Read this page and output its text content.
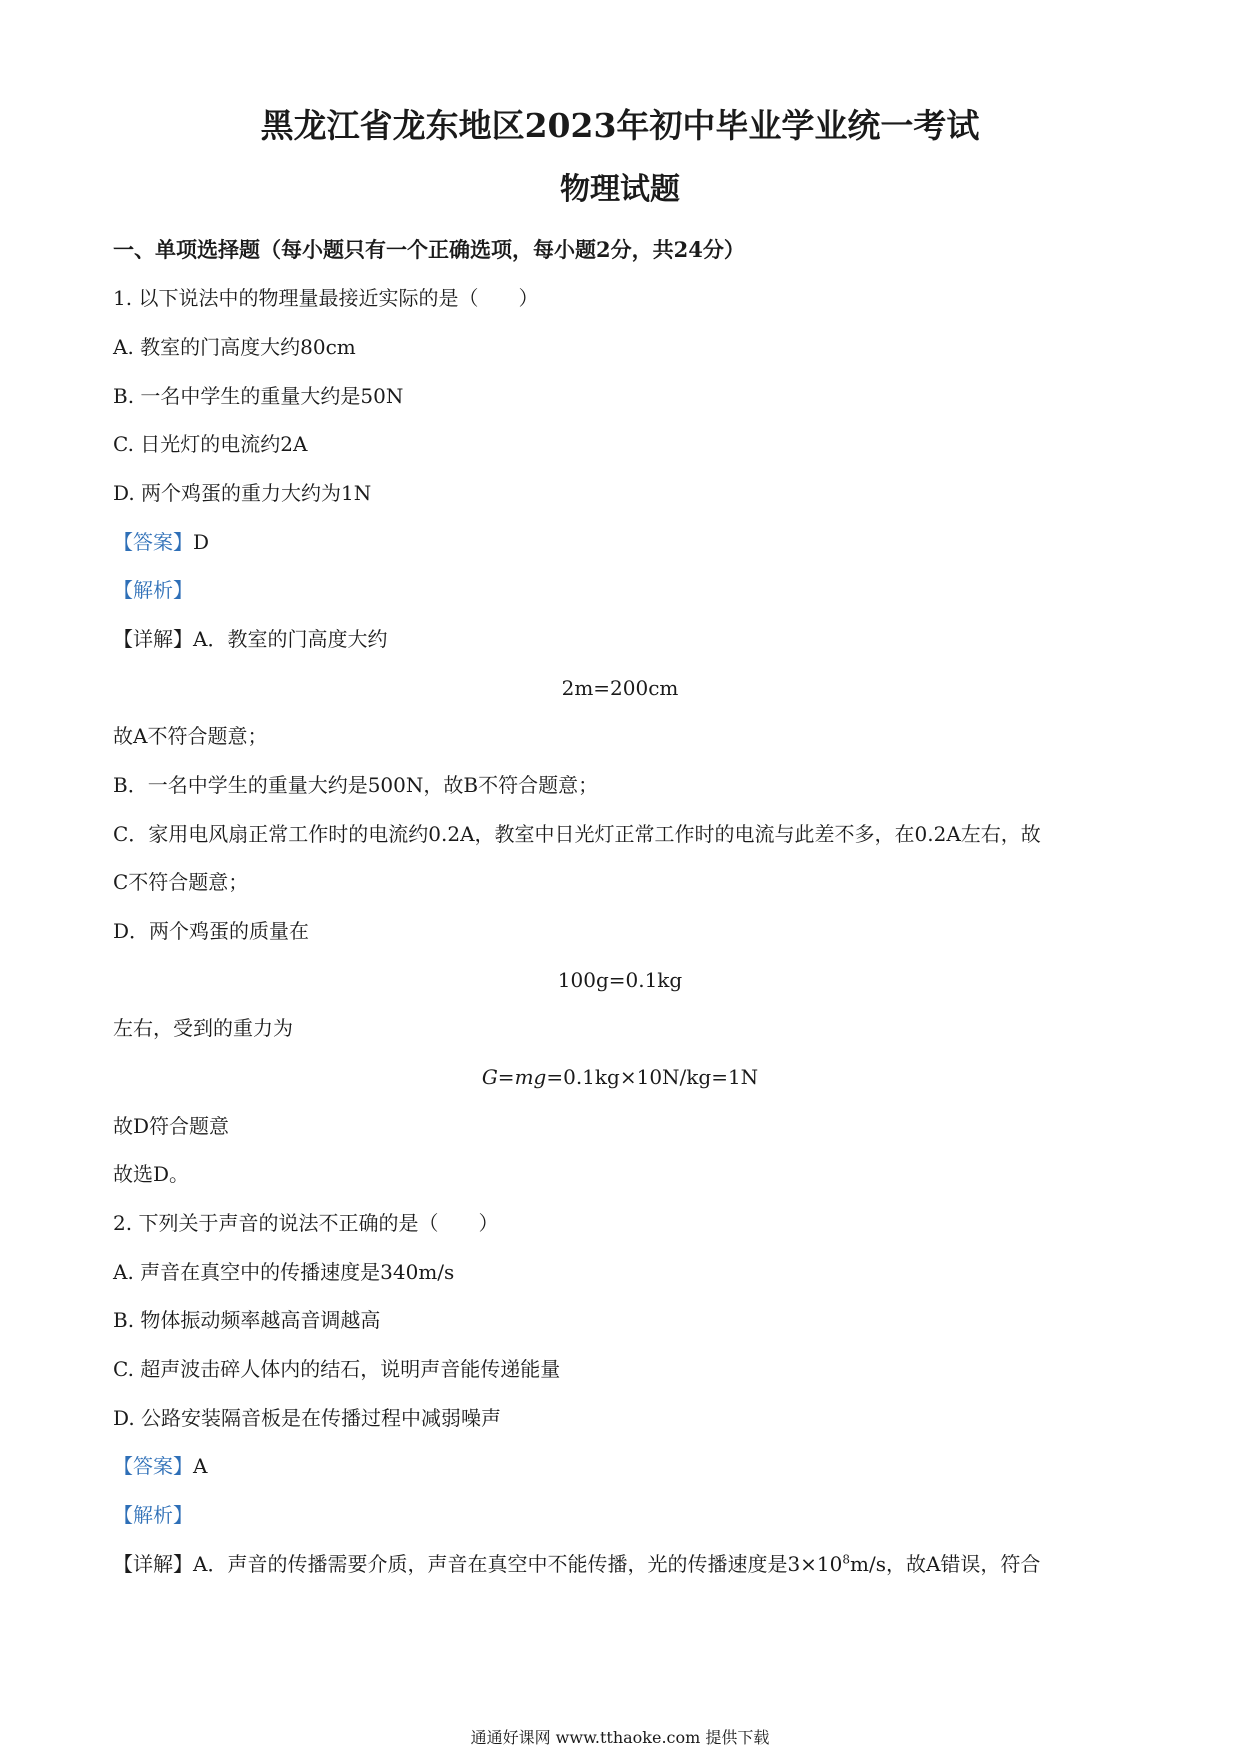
黑龙江省龙东地区2023年初中毕业学业统一考试
物理试题
一、单项选择题（每小题只有一个正确选项，每小题2分，共24分）
1. 以下说法中的物理量最接近实际的是（　　）
A. 教室的门高度大约80cm
B. 一名中学生的重量大约是50N
C. 日光灯的电流约2A
D. 两个鸡蛋的重力大约为1N
【答案】D
【解析】
【详解】A．教室的门高度大约
2m=200cm
故A不符合题意；
B．一名中学生的重量大约是500N，故B不符合题意；
C．家用电风扇正常工作时的电流约0.2A，教室中日光灯正常工作时的电流与此差不多，在0.2A左右，故
C不符合题意；
D．两个鸡蛋的质量在
100g=0.1kg
左右，受到的重力为
G=mg=0.1kg×10N/kg=1N
故D符合题意
故选D。
2. 下列关于声音的说法不正确的是（　　）
A. 声音在真空中的传播速度是340m/s
B. 物体振动频率越高音调越高
C. 超声波击碎人体内的结石，说明声音能传递能量
D. 公路安装隔音板是在传播过程中减弱噪声
【答案】A
【解析】
【详解】A．声音的传播需要介质，声音在真空中不能传播，光的传播速度是$3\times 10^8m/s$，故A错误，符合
通通好课网 www.tthaoke.com 提供下载
